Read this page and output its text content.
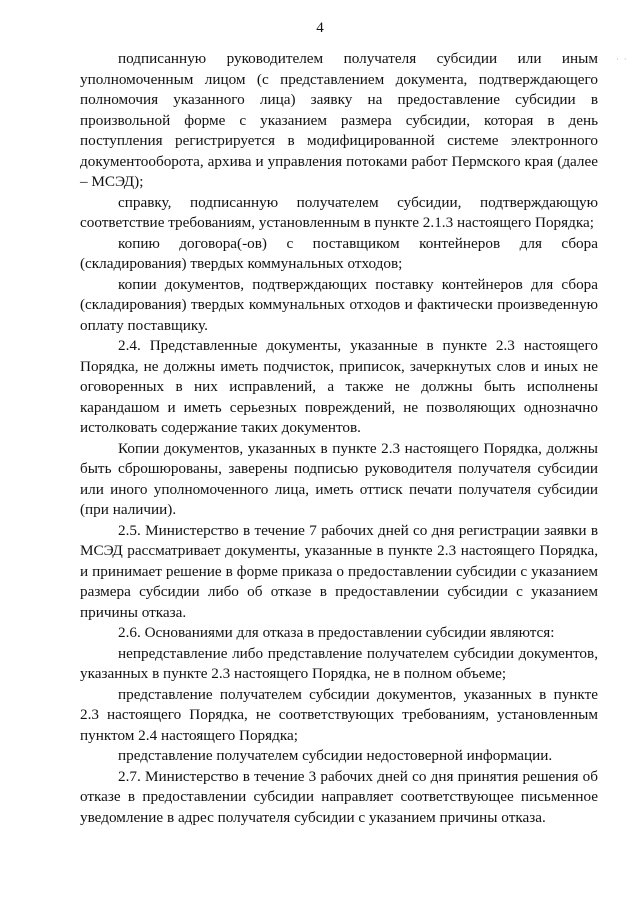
4
· ·

подписанную руководителем получателя субсидии или иным уполномоченным лицом (с представлением документа, подтверждающего полномочия указанного лица) заявку на предоставление субсидии в произвольной форме с указанием размера субсидии, которая в день поступления регистрируется в модифицированной системе электронного документооборота, архива и управления потоками работ Пермского края (далее – МСЭД);

справку, подписанную получателем субсидии, подтверждающую соответствие требованиям, установленным в пункте 2.1.3 настоящего Порядка;

копию договора(-ов) с поставщиком контейнеров для сбора (складирования) твердых коммунальных отходов;

копии документов, подтверждающих поставку контейнеров для сбора (складирования) твердых коммунальных отходов и фактически произведенную оплату поставщику.

2.4. Представленные документы, указанные в пункте 2.3 настоящего Порядка, не должны иметь подчисток, приписок, зачеркнутых слов и иных не оговоренных в них исправлений, а также не должны быть исполнены карандашом и иметь серьезных повреждений, не позволяющих однозначно истолковать содержание таких документов.

Копии документов, указанных в пункте 2.3 настоящего Порядка, должны быть сброшюрованы, заверены подписью руководителя получателя субсидии или иного уполномоченного лица, иметь оттиск печати получателя субсидии (при наличии).

2.5. Министерство в течение 7 рабочих дней со дня регистрации заявки в МСЭД рассматривает документы, указанные в пункте 2.3 настоящего Порядка, и принимает решение в форме приказа о предоставлении субсидии с указанием размера субсидии либо об отказе в предоставлении субсидии с указанием причины отказа.

2.6. Основаниями для отказа в предоставлении субсидии являются:

непредставление либо представление получателем субсидии документов, указанных в пункте 2.3 настоящего Порядка, не в полном объеме;

представление получателем субсидии документов, указанных в пункте 2.3 настоящего Порядка, не соответствующих требованиям, установленным пунктом 2.4 настоящего Порядка;

представление получателем субсидии недостоверной информации.

2.7. Министерство в течение 3 рабочих дней со дня принятия решения об отказе в предоставлении субсидии направляет соответствующее письменное уведомление в адрес получателя субсидии с указанием причины отказа.
